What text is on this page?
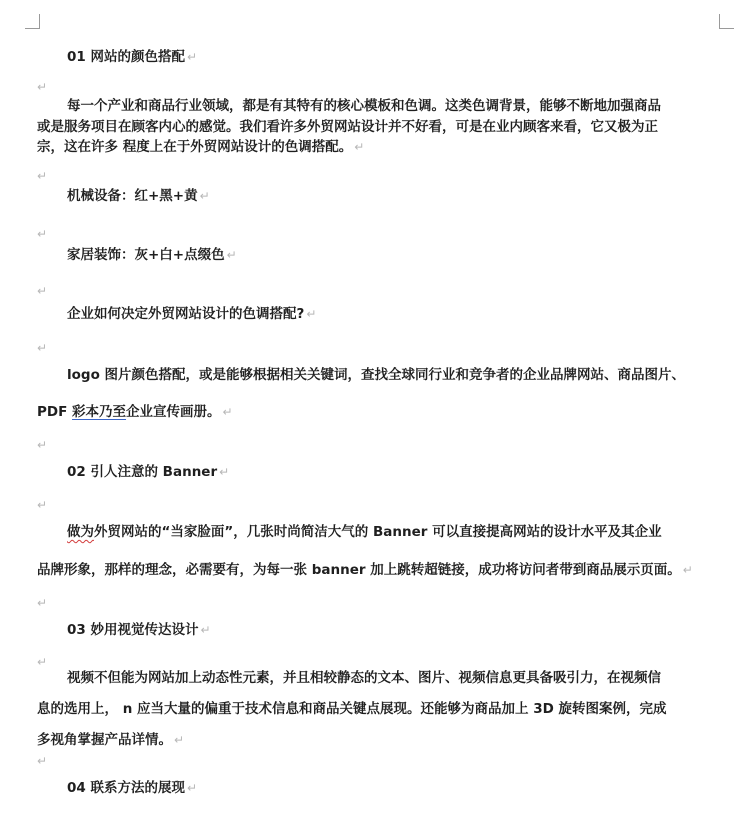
01 网站的颜色搭配 ↵
↵
每一个产业和商品行业领域，都是有其特有的核心模板和色调。这类色调背景，能够不断地加强商品
或是服务项目在顾客内心的感觉。我们看许多外贸网站设计并不好看，可是在业内顾客来看，它又极为正
宗，这在许多 程度上在于外贸网站设计的色调搭配。 ↵
↵
机械设备：红+黑+黄 ↵
↵
家居装饰：灰+白+点缀色 ↵
↵
企业如何决定外贸网站设计的色调搭配? ↵
↵
logo 图片颜色搭配，或是能够根据相关关键词，查找全球同行业和竞争者的企业品牌网站、商品图片、
PDF 彩本乃至企业宣传画册。 ↵
↵
02 引人注意的 Banner ↵
↵
做为外贸网站的“当家脸面”，几张时尚简洁大气的 Banner 可以直接提高网站的设计水平及其企业
品牌形象，那样的理念，必需要有，为每一张 banner 加上跳转超链接，成功将访问者带到商品展示页面。 ↵
↵
03 妙用视觉传达设计 ↵
↵
视频不但能为网站加上动态性元素，并且相较静态的文本、图片、视频信息更具备吸引力，在视频信
息的选用上， n 应当大量的偏重于技术信息和商品关键点展现。还能够为商品加上 3D 旋转图案例，完成
多视角掌握产品详情。 ↵
↵
04 联系方法的展现 ↵
